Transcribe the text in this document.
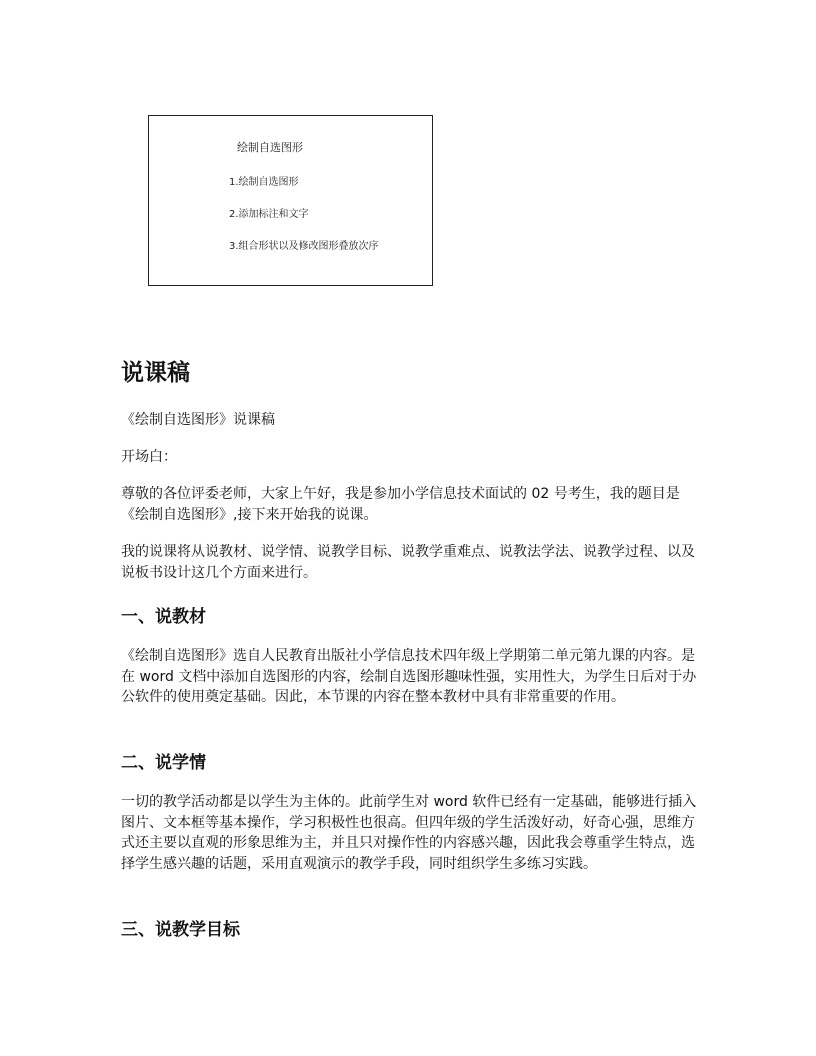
绘制自选图形
1.绘制自选图形
2.添加标注和文字
3.组合形状以及修改图形叠放次序
说课稿

《绘制自选图形》说课稿

开场白：

尊敬的各位评委老师，大家上午好，我是参加小学信息技术面试的 02 号考生，我的题目是《绘制自选图形》,接下来开始我的说课。

我的说课将从说教材、说学情、说教学目标、说教学重难点、说教法学法、说教学过程、以及说板书设计这几个方面来进行。

一、说教材

《绘制自选图形》选自人民教育出版社小学信息技术四年级上学期第二单元第九课的内容。是在 word 文档中添加自选图形的内容，绘制自选图形趣味性强，实用性大，为学生日后对于办公软件的使用奠定基础。因此，本节课的内容在整本教材中具有非常重要的作用。

二、说学情

一切的教学活动都是以学生为主体的。此前学生对 word 软件已经有一定基础，能够进行插入图片、文本框等基本操作，学习积极性也很高。但四年级的学生活泼好动，好奇心强，思维方式还主要以直观的形象思维为主，并且只对操作性的内容感兴趣，因此我会尊重学生特点，选择学生感兴趣的话题，采用直观演示的教学手段，同时组织学生多练习实践。

三、说教学目标
